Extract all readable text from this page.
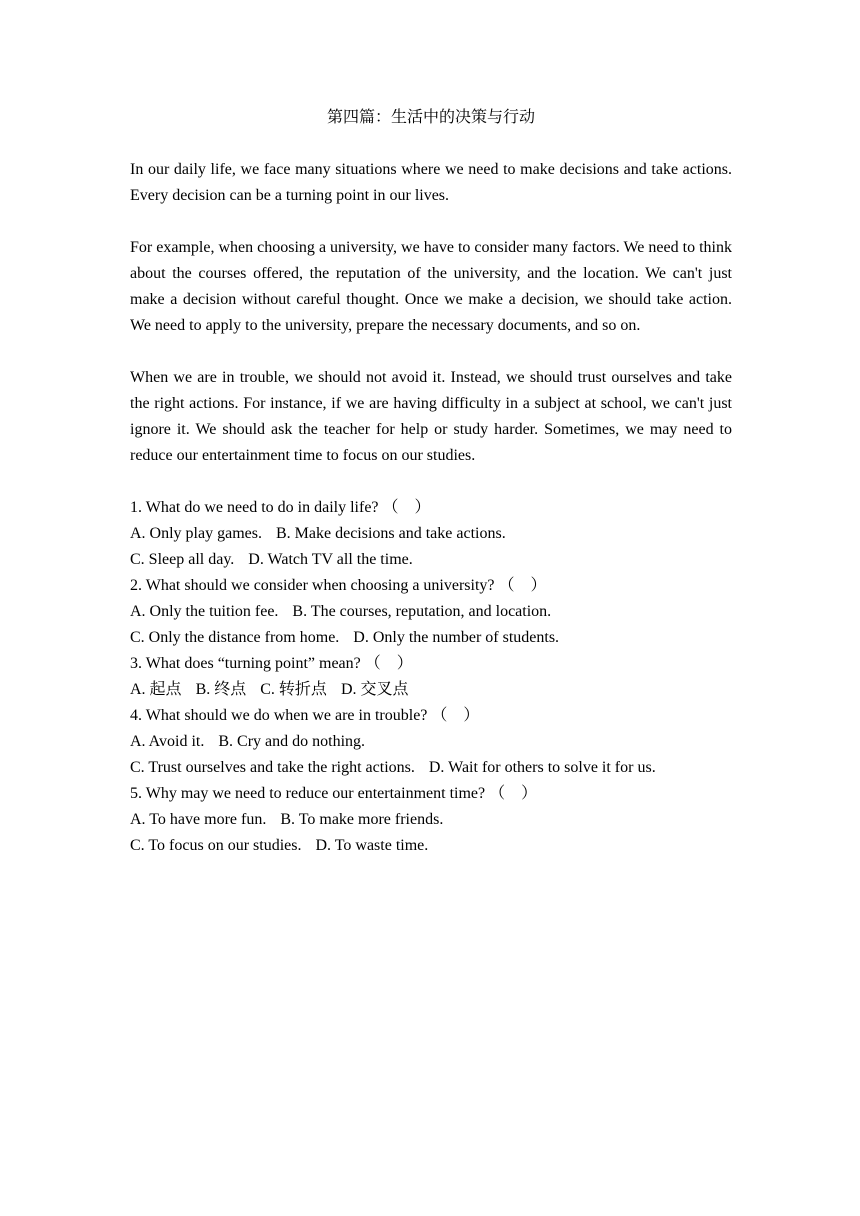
第四篇：生活中的决策与行动

In our daily life, we face many situations where we need to make decisions and take actions. Every decision can be a turning point in our lives.

For example, when choosing a university, we have to consider many factors. We need to think about the courses offered, the reputation of the university, and the location. We can't just make a decision without careful thought. Once we make a decision, we should take action. We need to apply to the university, prepare the necessary documents, and so on.

When we are in trouble, we should not avoid it. Instead, we should trust ourselves and take the right actions. For instance, if we are having difficulty in a subject at school, we can't just ignore it. We should ask the teacher for help or study harder. Sometimes, we may need to reduce our entertainment time to focus on our studies.

1. What do we need to do in daily life? （　）
A. Only play games. B. Make decisions and take actions.
C. Sleep all day. D. Watch TV all the time.
2. What should we consider when choosing a university? （　）
A. Only the tuition fee. B. The courses, reputation, and location.
C. Only the distance from home. D. Only the number of students.
3. What does “turning point” mean? （　）
A. 起点 B. 终点 C. 转折点 D. 交叉点
4. What should we do when we are in trouble? （　）
A. Avoid it. B. Cry and do nothing.
C. Trust ourselves and take the right actions. D. Wait for others to solve it for us.
5. Why may we need to reduce our entertainment time? （　）
A. To have more fun. B. To make more friends.
C. To focus on our studies. D. To waste time.
